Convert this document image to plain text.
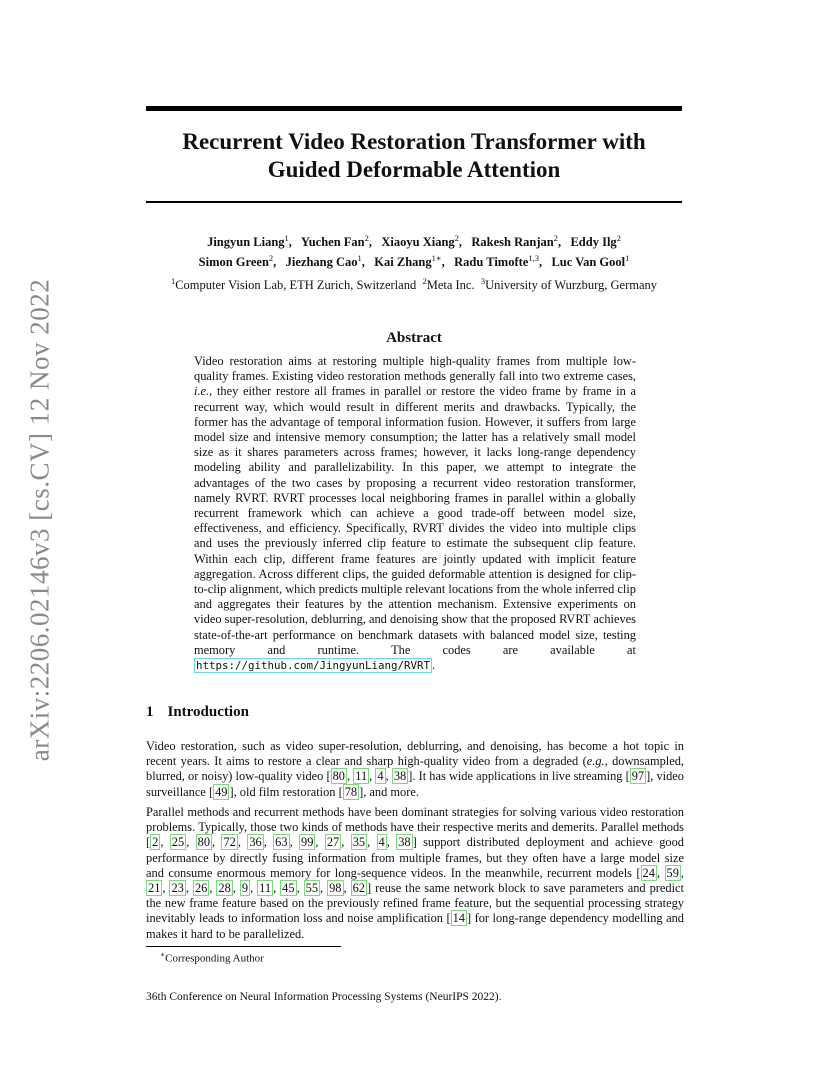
arXiv:2206.02146v3 [cs.CV] 12 Nov 2022
Recurrent Video Restoration Transformer with
Guided Deformable Attention
Jingyun Liang$^1$,   Yuchen Fan$^2$,   Xiaoyu Xiang$^2$,   Rakesh Ranjan$^2$,   Eddy Ilg$^2$
Simon Green$^2$,   Jiezhang Cao$^1$,   Kai Zhang$^{1∗}$,   Radu Timofte$^{1,3}$,   Luc Van Gool$^1$
$^1$Computer Vision Lab, ETH Zurich, Switzerland $^2$Meta Inc. $^3$University of Wurzburg, Germany
Abstract
Video restoration aims at restoring multiple high-quality frames from multiple low-quality frames. Existing video restoration methods generally fall into two extreme cases, i.e., they either restore all frames in parallel or restore the video frame by frame in a recurrent way, which would result in different merits and drawbacks. Typically, the former has the advantage of temporal information fusion. However, it suffers from large model size and intensive memory consumption; the latter has a relatively small model size as it shares parameters across frames; however, it lacks long-range dependency modeling ability and parallelizability. In this paper, we attempt to integrate the advantages of the two cases by proposing a recurrent video restoration transformer, namely RVRT. RVRT processes local neighboring frames in parallel within a globally recurrent framework which can achieve a good trade-off between model size, effectiveness, and efficiency. Specifically, RVRT divides the video into multiple clips and uses the previously inferred clip feature to estimate the subsequent clip feature. Within each clip, different frame features are jointly updated with implicit feature aggregation. Across different clips, the guided deformable attention is designed for clip-to-clip alignment, which predicts multiple relevant locations from the whole inferred clip and aggregates their features by the attention mechanism. Extensive experiments on video super-resolution, deblurring, and denoising show that the proposed RVRT achieves state-of-the-art performance on benchmark datasets with balanced model size, testing memory and runtime. The codes are available at https://github.com/JingyunLiang/RVRT .
1 Introduction
Video restoration, such as video super-resolution, deblurring, and denoising, has become a hot topic in recent years. It aims to restore a clear and sharp high-quality video from a degraded (e.g., downsampled, blurred, or noisy) low-quality video [ 80 , 11 , 4 , 38 ]. It has wide applications in live streaming [ 97 ], video surveillance [ 49 ], old film restoration [ 78 ], and more.
Parallel methods and recurrent methods have been dominant strategies for solving various video restoration problems. Typically, those two kinds of methods have their respective merits and demerits. Parallel methods [ 2 , 25 , 80 , 72 , 36 , 63 , 99 , 27 , 35 , 4 , 38 ] support distributed deployment and achieve good performance by directly fusing information from multiple frames, but they often have a large model size and consume enormous memory for long-sequence videos. In the meanwhile, recurrent models [ 24 , 59 , 21 , 23 , 26 , 28 , 9 , 11 , 45 , 55 , 98 , 62 ] reuse the same network block to save parameters and predict the new frame feature based on the previously refined frame feature, but the sequential processing strategy inevitably leads to information loss and noise amplification [ 14 ] for long-range dependency modelling and makes it hard to be parallelized.
∗Corresponding Author
36th Conference on Neural Information Processing Systems (NeurIPS 2022).
